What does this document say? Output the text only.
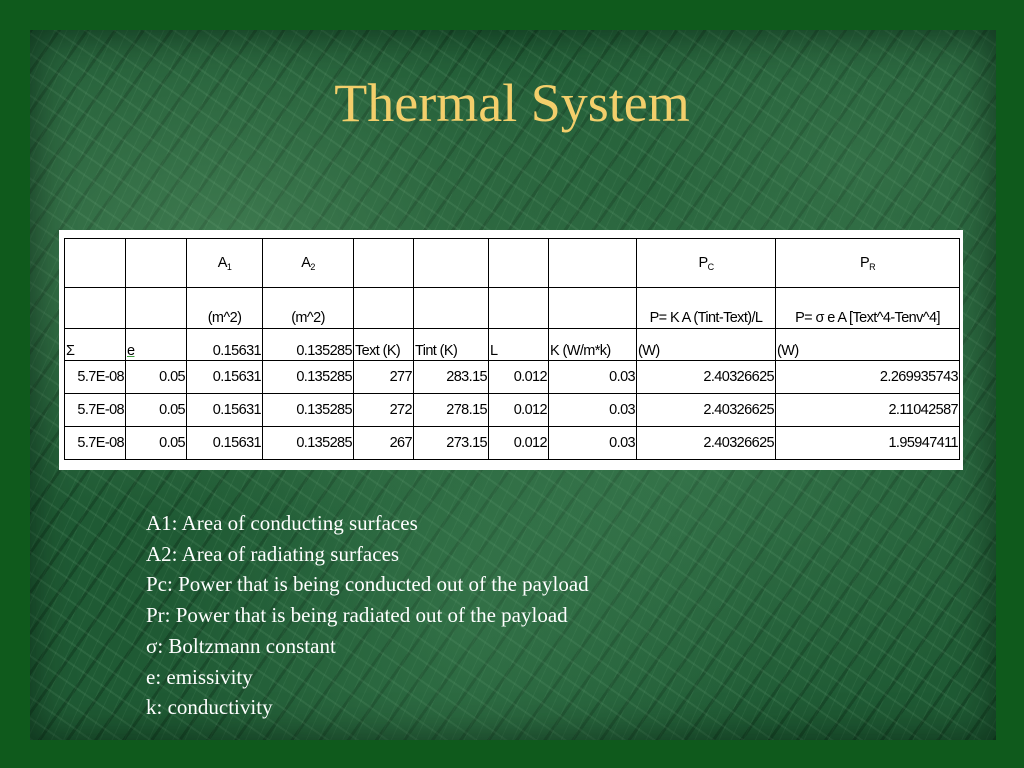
Thermal System
		$A_1$	$A_2$					$P_C$	$P_R$
		(m^2)	(m^2)					P= K A (Tint-Text)/L	P= σ e A [Text^4-Tenv^4]
Σ	e	0.15631	0.135285	Text (K)	Tint (K)	L	K (W/m*k)	(W)	(W)
5.7E-08	0.05	0.15631	0.135285	277	283.15	0.012	0.03	2.40326625	2.269935743
5.7E-08	0.05	0.15631	0.135285	272	278.15	0.012	0.03	2.40326625	2.11042587
5.7E-08	0.05	0.15631	0.135285	267	273.15	0.012	0.03	2.40326625	1.95947411
A1: Area of conducting surfaces
A2: Area of radiating surfaces
Pc: Power that is being conducted out of the payload
Pr: Power that is being radiated out of the payload
σ: Boltzmann constant
e: emissivity
k: conductivity
